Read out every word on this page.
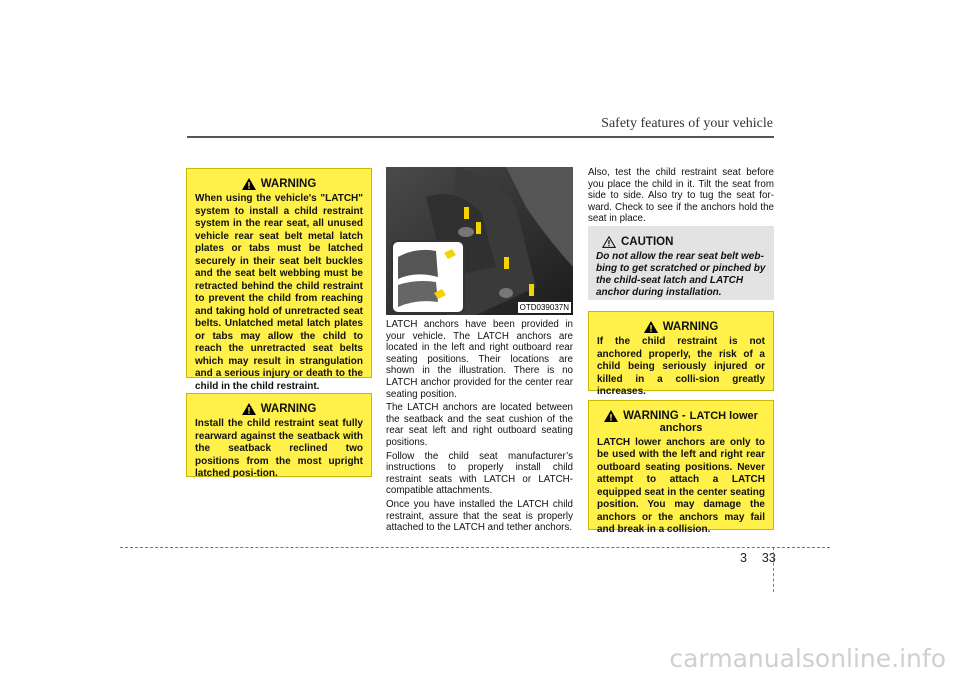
Safety features of your vehicle
WARNING
When using the vehicle's "LATCH" system to install a child restraint system in the rear seat, all unused vehicle rear seat belt metal latch plates or tabs must be latched securely in their seat belt buckles and the seat belt webbing must be retracted behind the child restraint to prevent the child from reaching and taking hold of unretracted seat belts. Unlatched metal latch plates or tabs may allow the child to reach the unretracted seat belts which may result in strangulation and a serious injury or death to the child in the child restraint.
WARNING
Install the child restraint seat fully rearward against the seatback with the seatback reclined two positions from the most upright latched posi-tion.
OTD039037N

LATCH anchors have been provided in your vehicle. The LATCH anchors are located in the left and right outboard rear seating positions. Their locations are shown in the illustration. There is no LATCH anchor provided for the center rear seating position.

The LATCH anchors are located between the seatback and the seat cushion of the rear seat left and right outboard seating positions.

Follow the child seat manufacturer’s instructions to properly install child restraint seats with LATCH or LATCH-compatible attachments.

Once you have installed the LATCH child restraint, assure that the seat is properly attached to the LATCH and tether anchors.

Also, test the child restraint seat before you place the child in it. Tilt the seat from side to side. Also try to tug the seat for-ward. Check to see if the anchors hold the seat in place.
CAUTION
Do not allow the rear seat belt web-bing to get scratched or pinched by the child-seat latch and LATCH anchor during installation.
WARNING
If the child restraint is not anchored properly, the risk of a child being seriously injured or killed in a colli-sion greatly increases.
WARNING - LATCH lower
anchors
LATCH lower anchors are only to be used with the left and right rear outboard seating positions. Never attempt to attach a LATCH equipped seat in the center seating position. You may damage the anchors or the anchors may fail and break in a collision.
3 33
carmanualsonline.info
